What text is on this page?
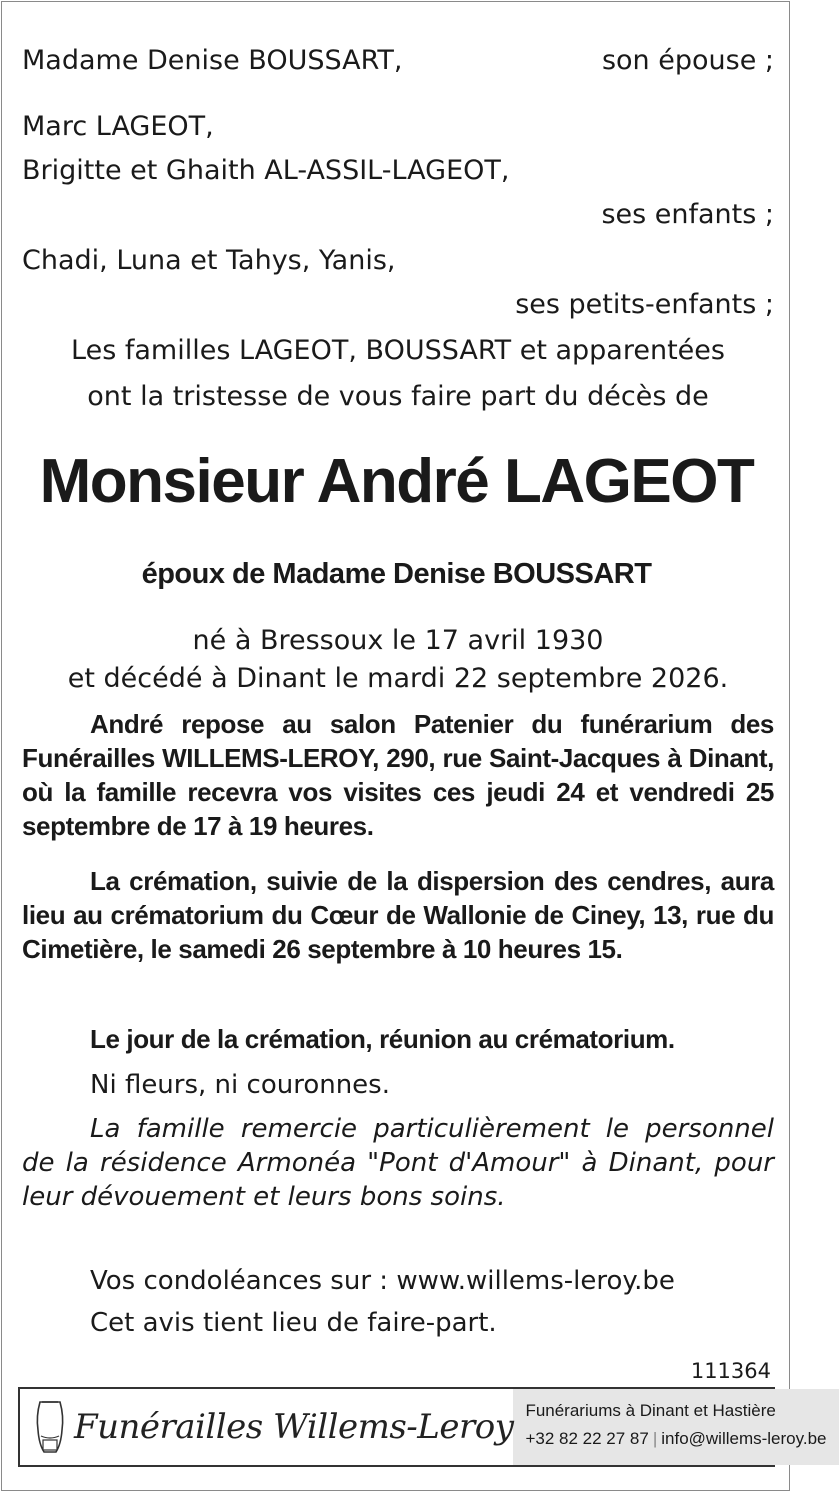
Madame Denise BOUSSART,	son épouse ;
Marc LAGEOT,
Brigitte et Ghaith AL-ASSIL-LAGEOT,
ses enfants ;
Chadi, Luna et Tahys, Yanis,
ses petits-enfants ;
Les familles LAGEOT, BOUSSART et apparentées
ont la tristesse de vous faire part du décès de
Monsieur André LAGEOT
époux de Madame Denise BOUSSART
né à Bressoux le 17 avril 1930
et décédé à Dinant le mardi 22 septembre 2026.
André repose au salon Patenier du funérarium des Funérailles WILLEMS-LEROY, 290, rue Saint-Jacques à Dinant, où la famille recevra vos visites ces jeudi 24 et vendredi 25 septembre de 17 à 19 heures.
La crémation, suivie de la dispersion des cendres, aura lieu au crématorium du Cœur de Wallonie de Ciney, 13, rue du Cimetière, le samedi 26 septembre à 10 heures 15.
Le jour de la crémation, réunion au crématorium.
Ni fleurs, ni couronnes.
La famille remercie particulièrement le personnel de la résidence Armonéa "Pont d'Amour" à Dinant, pour leur dévouement et leurs bons soins.
Vos condoléances sur : www.willems-leroy.be
Cet avis tient lieu de faire-part.
111364
Funérailles Willems-Leroy Funérariums à Dinant et Hastière
+32 82 22 27 87 | info@willems-leroy.be
